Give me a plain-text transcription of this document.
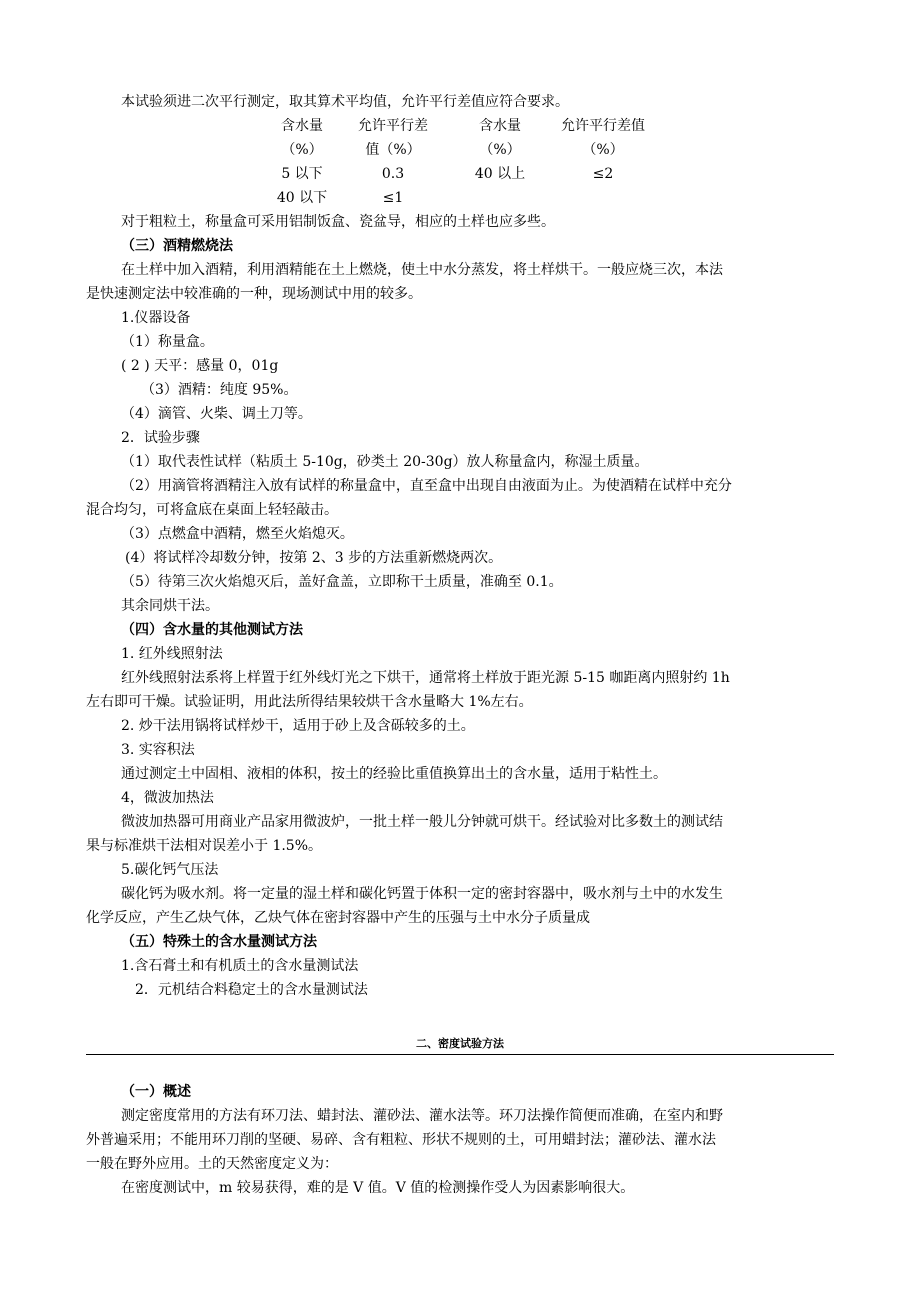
本试验须进二次平行测定，取其算术平均值，允许平行差值应符合要求。
含水量	允许平行差	含水量	允许平行差值
（%）	值（%）	（%）	（%）
5 以下	0.3	40 以上	≤2
40 以下	≤1
对于粗粒土，称量盒可采用铝制饭盒、瓷盆导，相应的土样也应多些。
（三）酒精燃烧法
在土样中加入酒精，利用酒精能在土上燃烧，使土中水分蒸发，将土样烘干。一般应烧三次，本法
是快速测定法中较准确的一种，现场测试中用的较多。
1.仪器设备
（1）称量盒。
( 2 ) 天平：感量 0，01g
（3）酒精：纯度 95%。
（4）滴管、火柴、调土刀等。
2．试验步骤
（1）取代表性试样（粘质土 5-10g，砂类土 20-30g）放人称量盒内，称湿土质量。
（2）用滴管将酒精注入放有试样的称量盒中，直至盒中出现自由液面为止。为使酒精在试样中充分
混合均匀，可将盒底在桌面上轻轻敲击。
（3）点燃盒中酒精，燃至火焰熄灭。
(4）将试样冷却数分钟，按第 2、3 步的方法重新燃烧两次。
（5）待第三次火焰熄灭后，盖好盒盖，立即称干土质量，准确至 0.1。
其余同烘干法。
（四）含水量的其他测试方法
1. 红外线照射法
红外线照射法系将上样置于红外线灯光之下烘干，通常将土样放于距光源 5-15 咖距离内照射约 1h
左右即可干燥。试验证明，用此法所得结果较烘干含水量略大 1%左右。
2. 炒干法用锅将试样炒干，适用于砂上及含砾较多的土。
3. 实容积法
通过测定土中固相、液相的体积，按土的经验比重值换算出土的含水量，适用于粘性土。
4，微波加热法
微波加热器可用商业产品家用微波炉，一批土样一般儿分钟就可烘干。经试验对比多数土的测试结
果与标准烘干法相对误差小于 1.5%。
5.碳化钙气压法
碳化钙为吸水剂。将一定量的湿土样和碳化钙置于体积一定的密封容器中，吸水剂与土中的水发生
化学反应，产生乙炔气体，乙炔气体在密封容器中产生的压强与土中水分子质量成
（五）特殊土的含水量测试方法
1.含石膏土和有机质土的含水量测试法
2．元机结合料稳定土的含水量测试法
二、密度试验方法
（一）概述
测定密度常用的方法有环刀法、蜡封法、灌砂法、灌水法等。环刀法操作简便而准确，在室内和野
外普遍采用；不能用环刀削的坚硬、易碎、含有粗粒、形状不规则的土，可用蜡封法；灌砂法、灌水法
一般在野外应用。土的天然密度定义为：
在密度测试中，m 较易获得，难的是 V 值。V 值的检测操作受人为因素影响很大。
